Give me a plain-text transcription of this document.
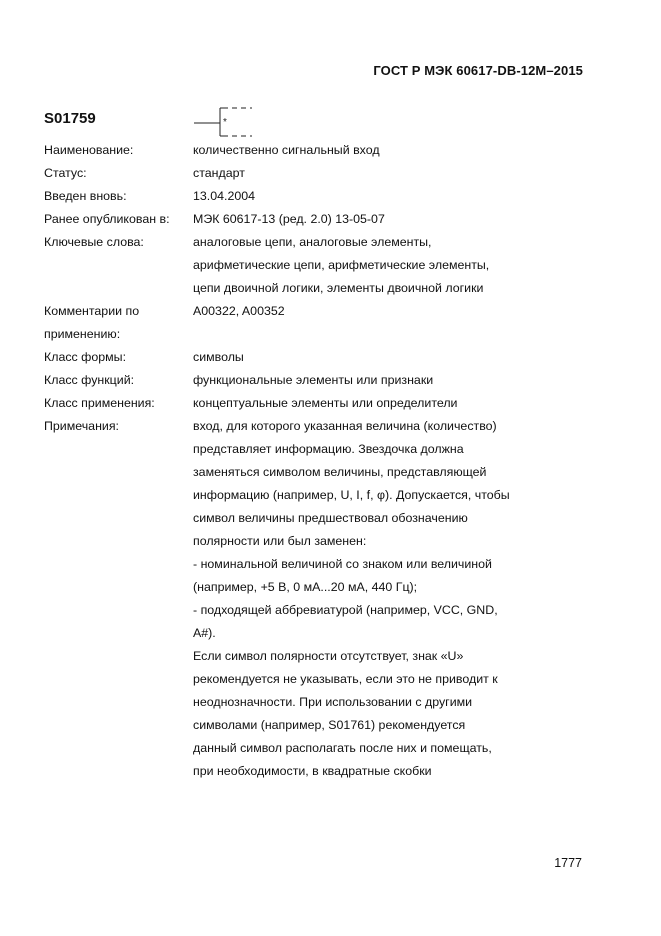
ГОСТ Р МЭК 60617-DB-12M–2015
S01759	*
Наименование:	количественно сигнальный вход
Статус:	стандарт
Введен вновь:	13.04.2004
Ранее опубликован в:	МЭК 60617-13 (ред. 2.0) 13-05-07
Ключевые слова:	аналоговые цепи, аналоговые элементы,
арифметические цепи, арифметические элементы,
цепи двоичной логики, элементы двоичной логики
Комментарии по
применению:
A00322, A00352
Класс формы:	символы
Класс функций:	функциональные элементы или признаки
Класс применения:	концептуальные элементы или определители
Примечания:	вход, для которого указанная величина (количество)
представляет информацию. Звездочка должна
заменяться символом величины, представляющей
информацию (например, U, I, f, φ). Допускается, чтобы
символ величины предшествовал обозначению
полярности или был заменен:
- номинальной величиной со знаком или величиной
(например, +5 В, 0 мА...20 мА, 440 Гц);
- подходящей аббревиатурой (например, VCC, GND,
A#).
Если символ полярности отсутствует, знак «U»
рекомендуется не указывать, если это не приводит к
неоднозначности. При использовании с другими
символами (например, S01761) рекомендуется
данный символ располагать после них и помещать,
при необходимости, в квадратные скобки
1777
